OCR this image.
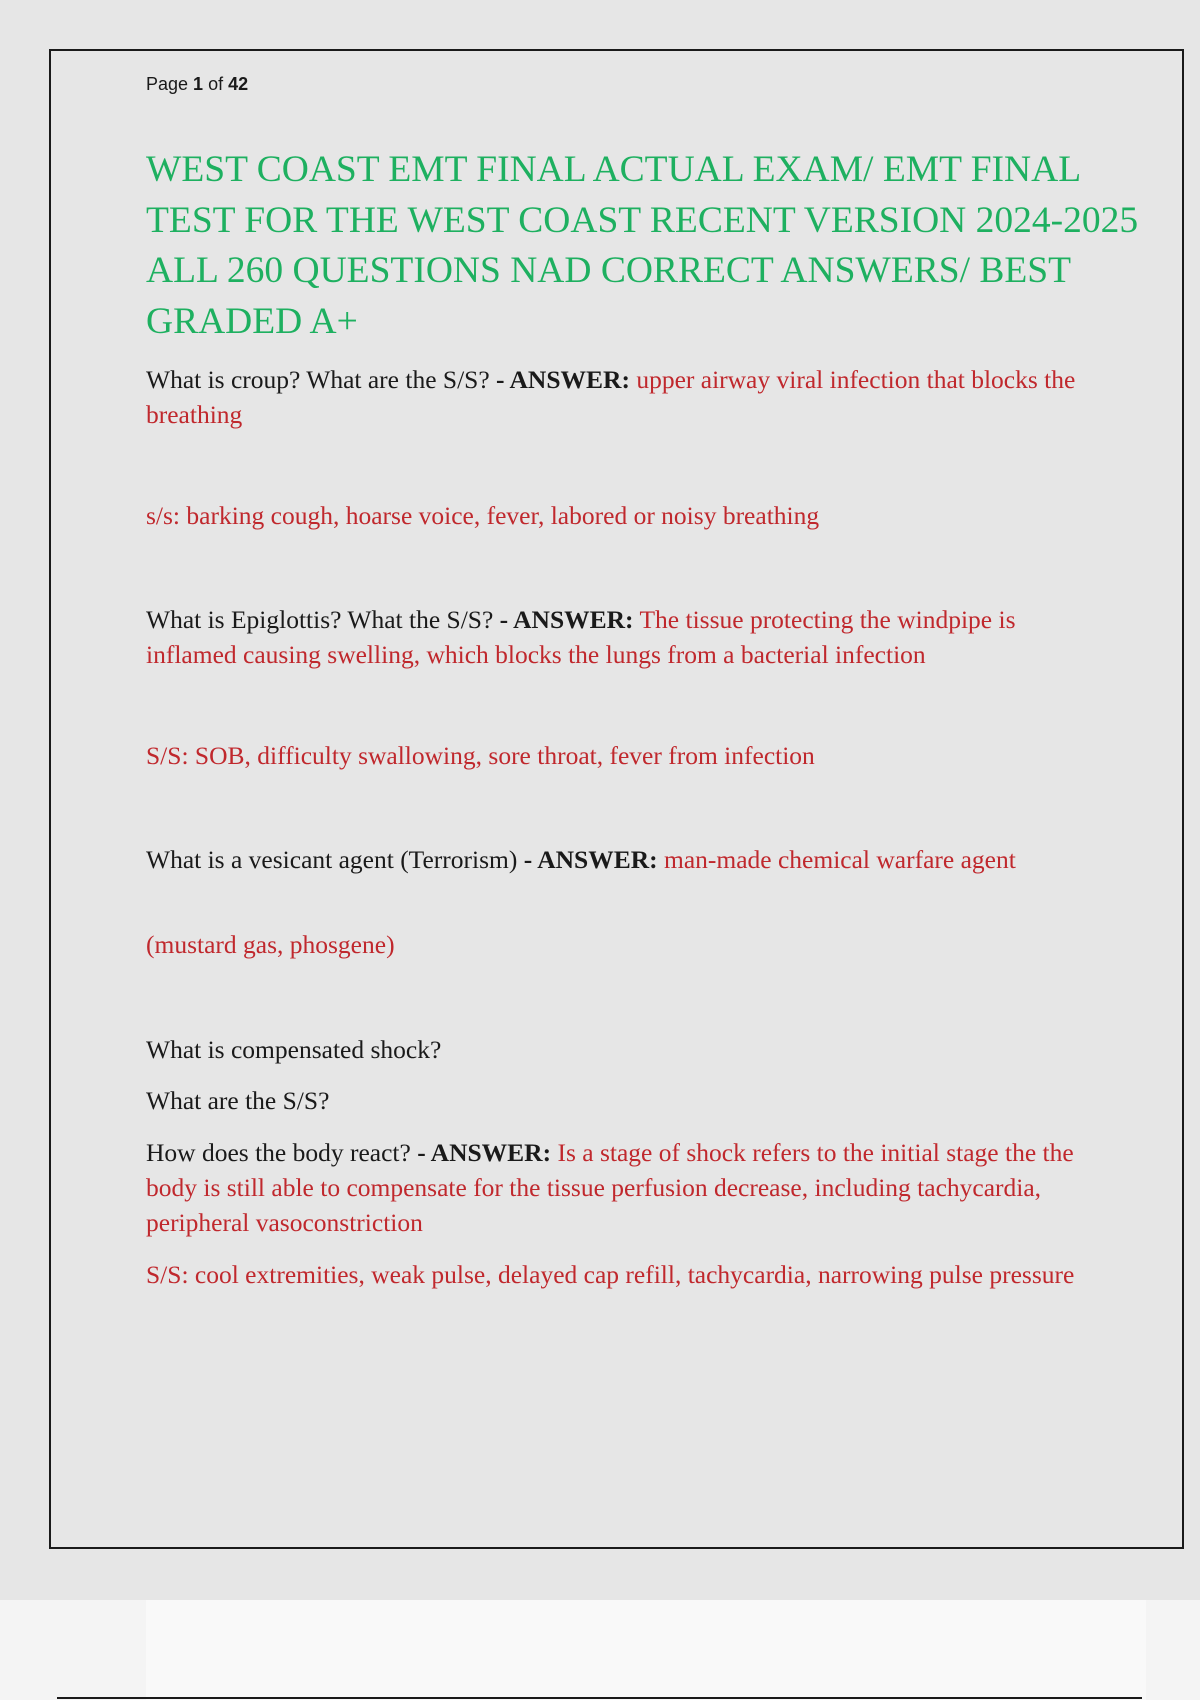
Page 1 of 42
WEST COAST EMT FINAL ACTUAL EXAM/ EMT FINAL TEST FOR THE WEST COAST RECENT VERSION 2024-2025 ALL 260 QUESTIONS NAD CORRECT ANSWERS/ BEST GRADED A+

What is croup? What are the S/S? - ANSWER: upper airway viral infection that blocks the breathing

s/s: barking cough, hoarse voice, fever, labored or noisy breathing

What is Epiglottis? What the S/S? - ANSWER: The tissue protecting the windpipe is inflamed causing swelling, which blocks the lungs from a bacterial infection

S/S: SOB, difficulty swallowing, sore throat, fever from infection

What is a vesicant agent (Terrorism) - ANSWER: man-made chemical warfare agent

(mustard gas, phosgene)

What is compensated shock?

What are the S/S?

How does the body react? - ANSWER: Is a stage of shock refers to the initial stage the the body is still able to compensate for the tissue perfusion decrease, including tachycardia, peripheral vasoconstriction

S/S: cool extremities, weak pulse, delayed cap refill, tachycardia, narrowing pulse pressure
